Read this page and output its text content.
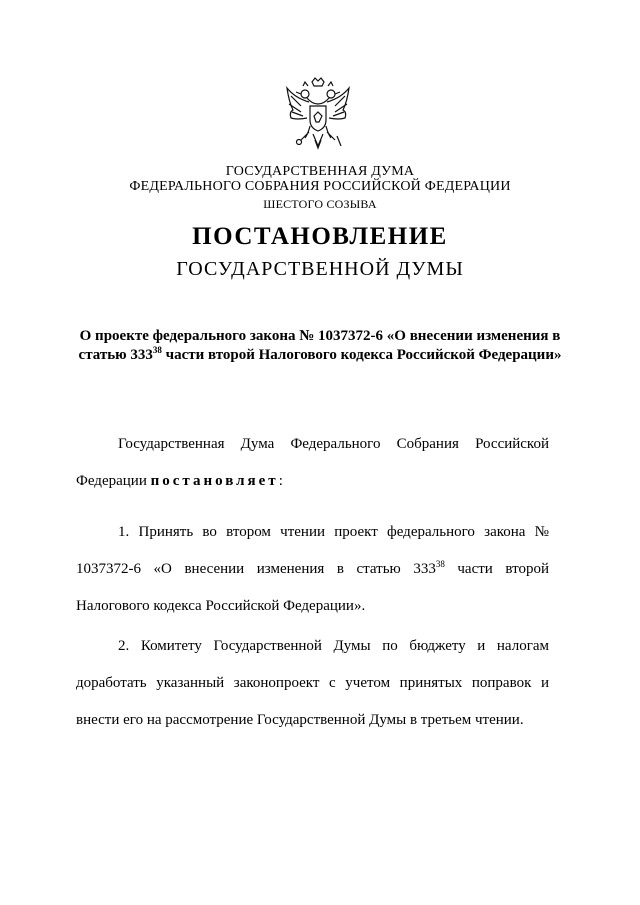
ГОСУДАРСТВЕННАЯ ДУМА
ФЕДЕРАЛЬНОГО СОБРАНИЯ РОССИЙСКОЙ ФЕДЕРАЦИИ
ШЕСТОГО СОЗЫВА
ПОСТАНОВЛЕНИЕ
ГОСУДАРСТВЕННОЙ ДУМЫ
О проекте федерального закона № 1037372-6 «О внесении изменения в статью $333^{38}$ части второй Налогового кодекса Российской Федерации»
Государственная Дума Федерального Собрания Российской Федерации постановляет:
1. Принять во втором чтении проект федерального закона № 1037372-6 «О внесении изменения в статью $333^{38}$ части второй Налогового кодекса Российской Федерации».
2. Комитету Государственной Думы по бюджету и налогам доработать указанный законопроект с учетом принятых поправок и внести его на рассмотрение Государственной Думы в третьем чтении.
